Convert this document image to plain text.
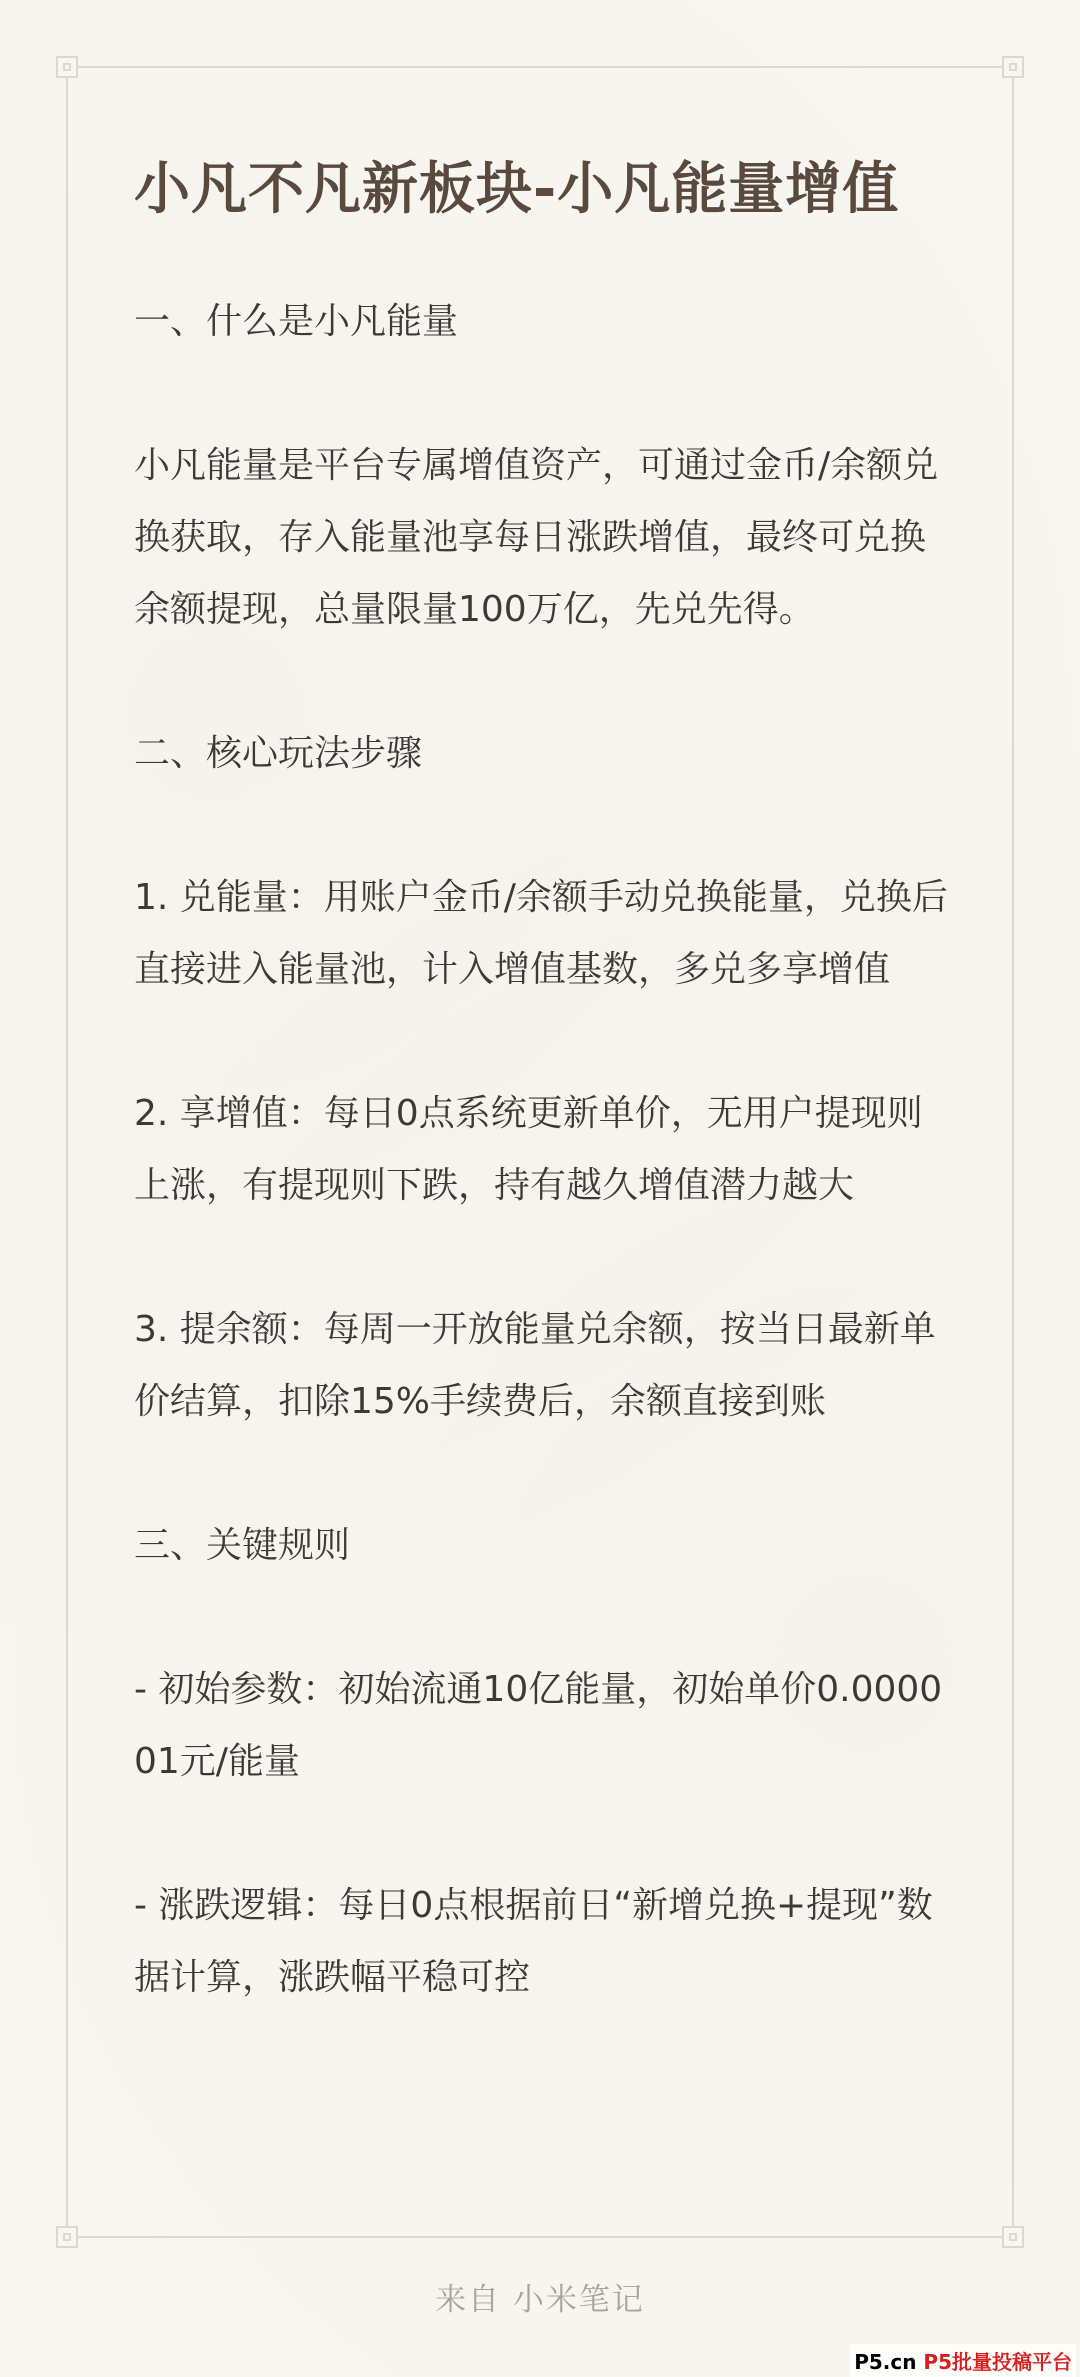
小凡不凡新板块-小凡能量增值

一、什么是小凡能量

小凡能量是平台专属增值资产，可通过金币/余额兑换获取，存入能量池享每日涨跌增值，最终可兑换余额提现，总量限量100万亿，先兑先得。

二、核心玩法步骤

1. 兑能量：用账户金币/余额手动兑换能量，兑换后直接进入能量池，计入增值基数，多兑多享增值

2. 享增值：每日0点系统更新单价，无用户提现则上涨，有提现则下跌，持有越久增值潜力越大

3. 提余额：每周一开放能量兑余额，按当日最新单价结算，扣除15%手续费后，余额直接到账

三、关键规则

- 初始参数：初始流通10亿能量，初始单价0.000001元/能量

- 涨跌逻辑：每日0点根据前日“新增兑换+提现”数据计算，涨跌幅平稳可控

来自 小米笔记
P5.cn P5批量投稿平台
